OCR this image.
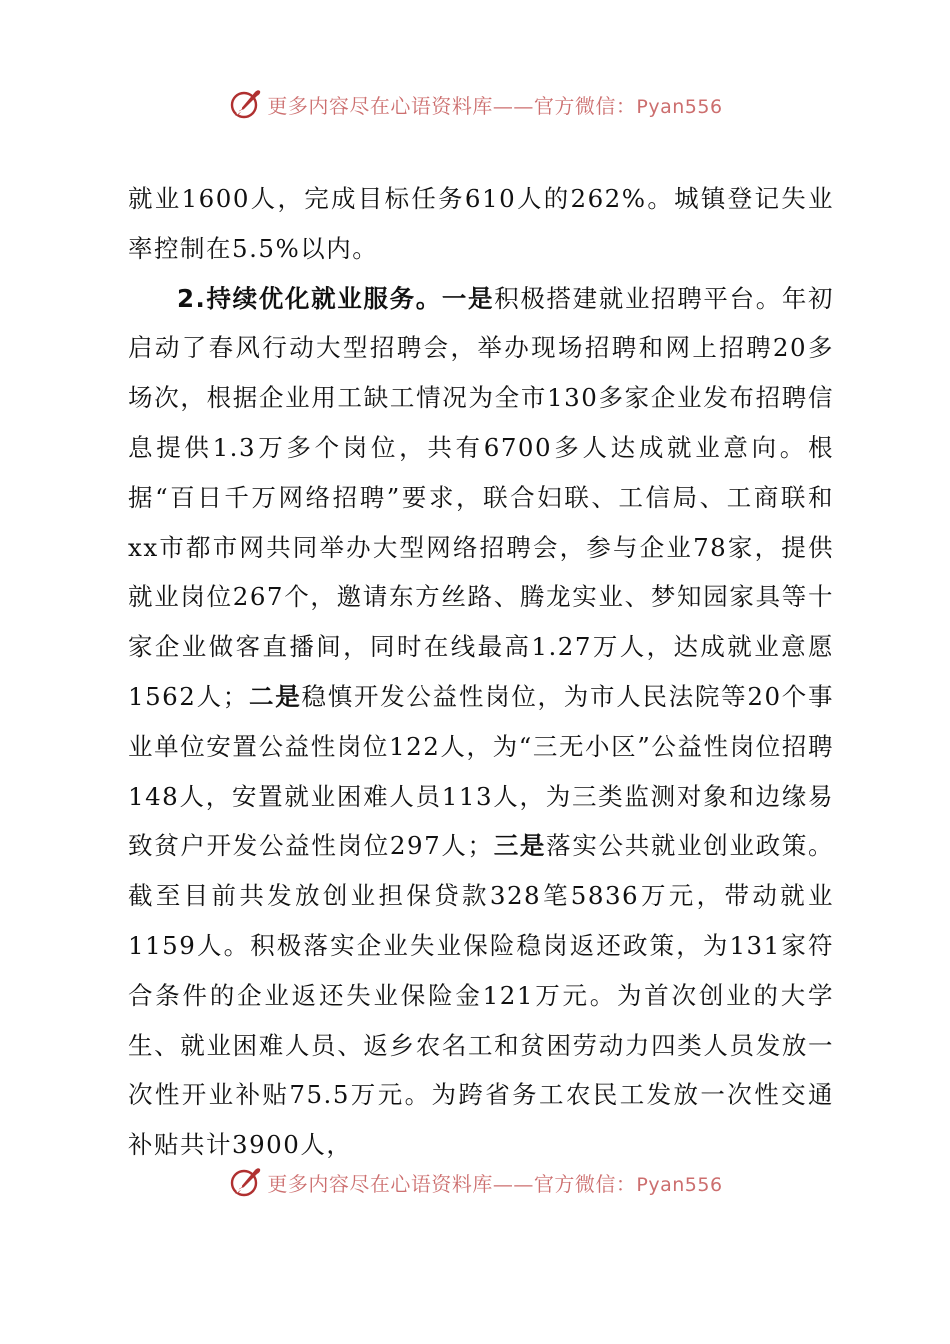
更多内容尽在心语资料库——官方微信：Pyan556

就业1600人，完成目标任务610人的262%。城镇登记失业率控制在5.5%以内。

2.持续优化就业服务。一是积极搭建就业招聘平台。年初启动了春风行动大型招聘会，举办现场招聘和网上招聘20多场次，根据企业用工缺工情况为全市130多家企业发布招聘信息提供1.3万多个岗位，共有6700多人达成就业意向。根据“百日千万网络招聘”要求，联合妇联、工信局、工商联和xx市都市网共同举办大型网络招聘会，参与企业78家，提供就业岗位267个，邀请东方丝路、腾龙实业、梦知园家具等十家企业做客直播间，同时在线最高1.27万人，达成就业意愿1562人；二是稳慎开发公益性岗位，为市人民法院等20个事业单位安置公益性岗位122人，为“三无小区”公益性岗位招聘148人，安置就业困难人员113人，为三类监测对象和边缘易致贫户开发公益性岗位297人；三是落实公共就业创业政策。截至目前共发放创业担保贷款328笔5836万元，带动就业1159人。积极落实企业失业保险稳岗返还政策，为131家符合条件的企业返还失业保险金121万元。为首次创业的大学生、就业困难人员、返乡农名工和贫困劳动力四类人员发放一次性开业补贴75.5万元。为跨省务工农民工发放一次性交通补贴共计3900人，

更多内容尽在心语资料库——官方微信：Pyan556
